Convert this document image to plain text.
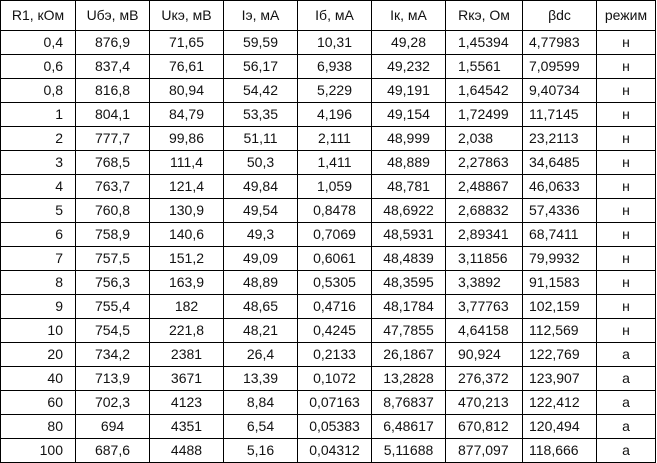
R1, кОм	Uбэ, мВ	Uкэ, мВ	Iэ, мА	Iб, мА	Iк, мА	Rкэ, Ом	βdc	режим
0,4	876,9	71,65	59,59	10,31	49,28	1,45394	4,77983	н
0,6	837,4	76,61	56,17	6,938	49,232	1,5561	7,09599	н
0,8	816,8	80,94	54,42	5,229	49,191	1,64542	9,40734	н
1	804,1	84,79	53,35	4,196	49,154	1,72499	11,7145	н
2	777,7	99,86	51,11	2,111	48,999	2,038	23,2113	н
3	768,5	111,4	50,3	1,411	48,889	2,27863	34,6485	н
4	763,7	121,4	49,84	1,059	48,781	2,48867	46,0633	н
5	760,8	130,9	49,54	0,8478	48,6922	2,68832	57,4336	н
6	758,9	140,6	49,3	0,7069	48,5931	2,89341	68,7411	н
7	757,5	151,2	49,09	0,6061	48,4839	3,11856	79,9932	н
8	756,3	163,9	48,89	0,5305	48,3595	3,3892	91,1583	н
9	755,4	182	48,65	0,4716	48,1784	3,77763	102,159	н
10	754,5	221,8	48,21	0,4245	47,7855	4,64158	112,569	н
20	734,2	2381	26,4	0,2133	26,1867	90,924	122,769	а
40	713,9	3671	13,39	0,1072	13,2828	276,372	123,907	а
60	702,3	4123	8,84	0,07163	8,76837	470,213	122,412	а
80	694	4351	6,54	0,05383	6,48617	670,812	120,494	а
100	687,6	4488	5,16	0,04312	5,11688	877,097	118,666	а
